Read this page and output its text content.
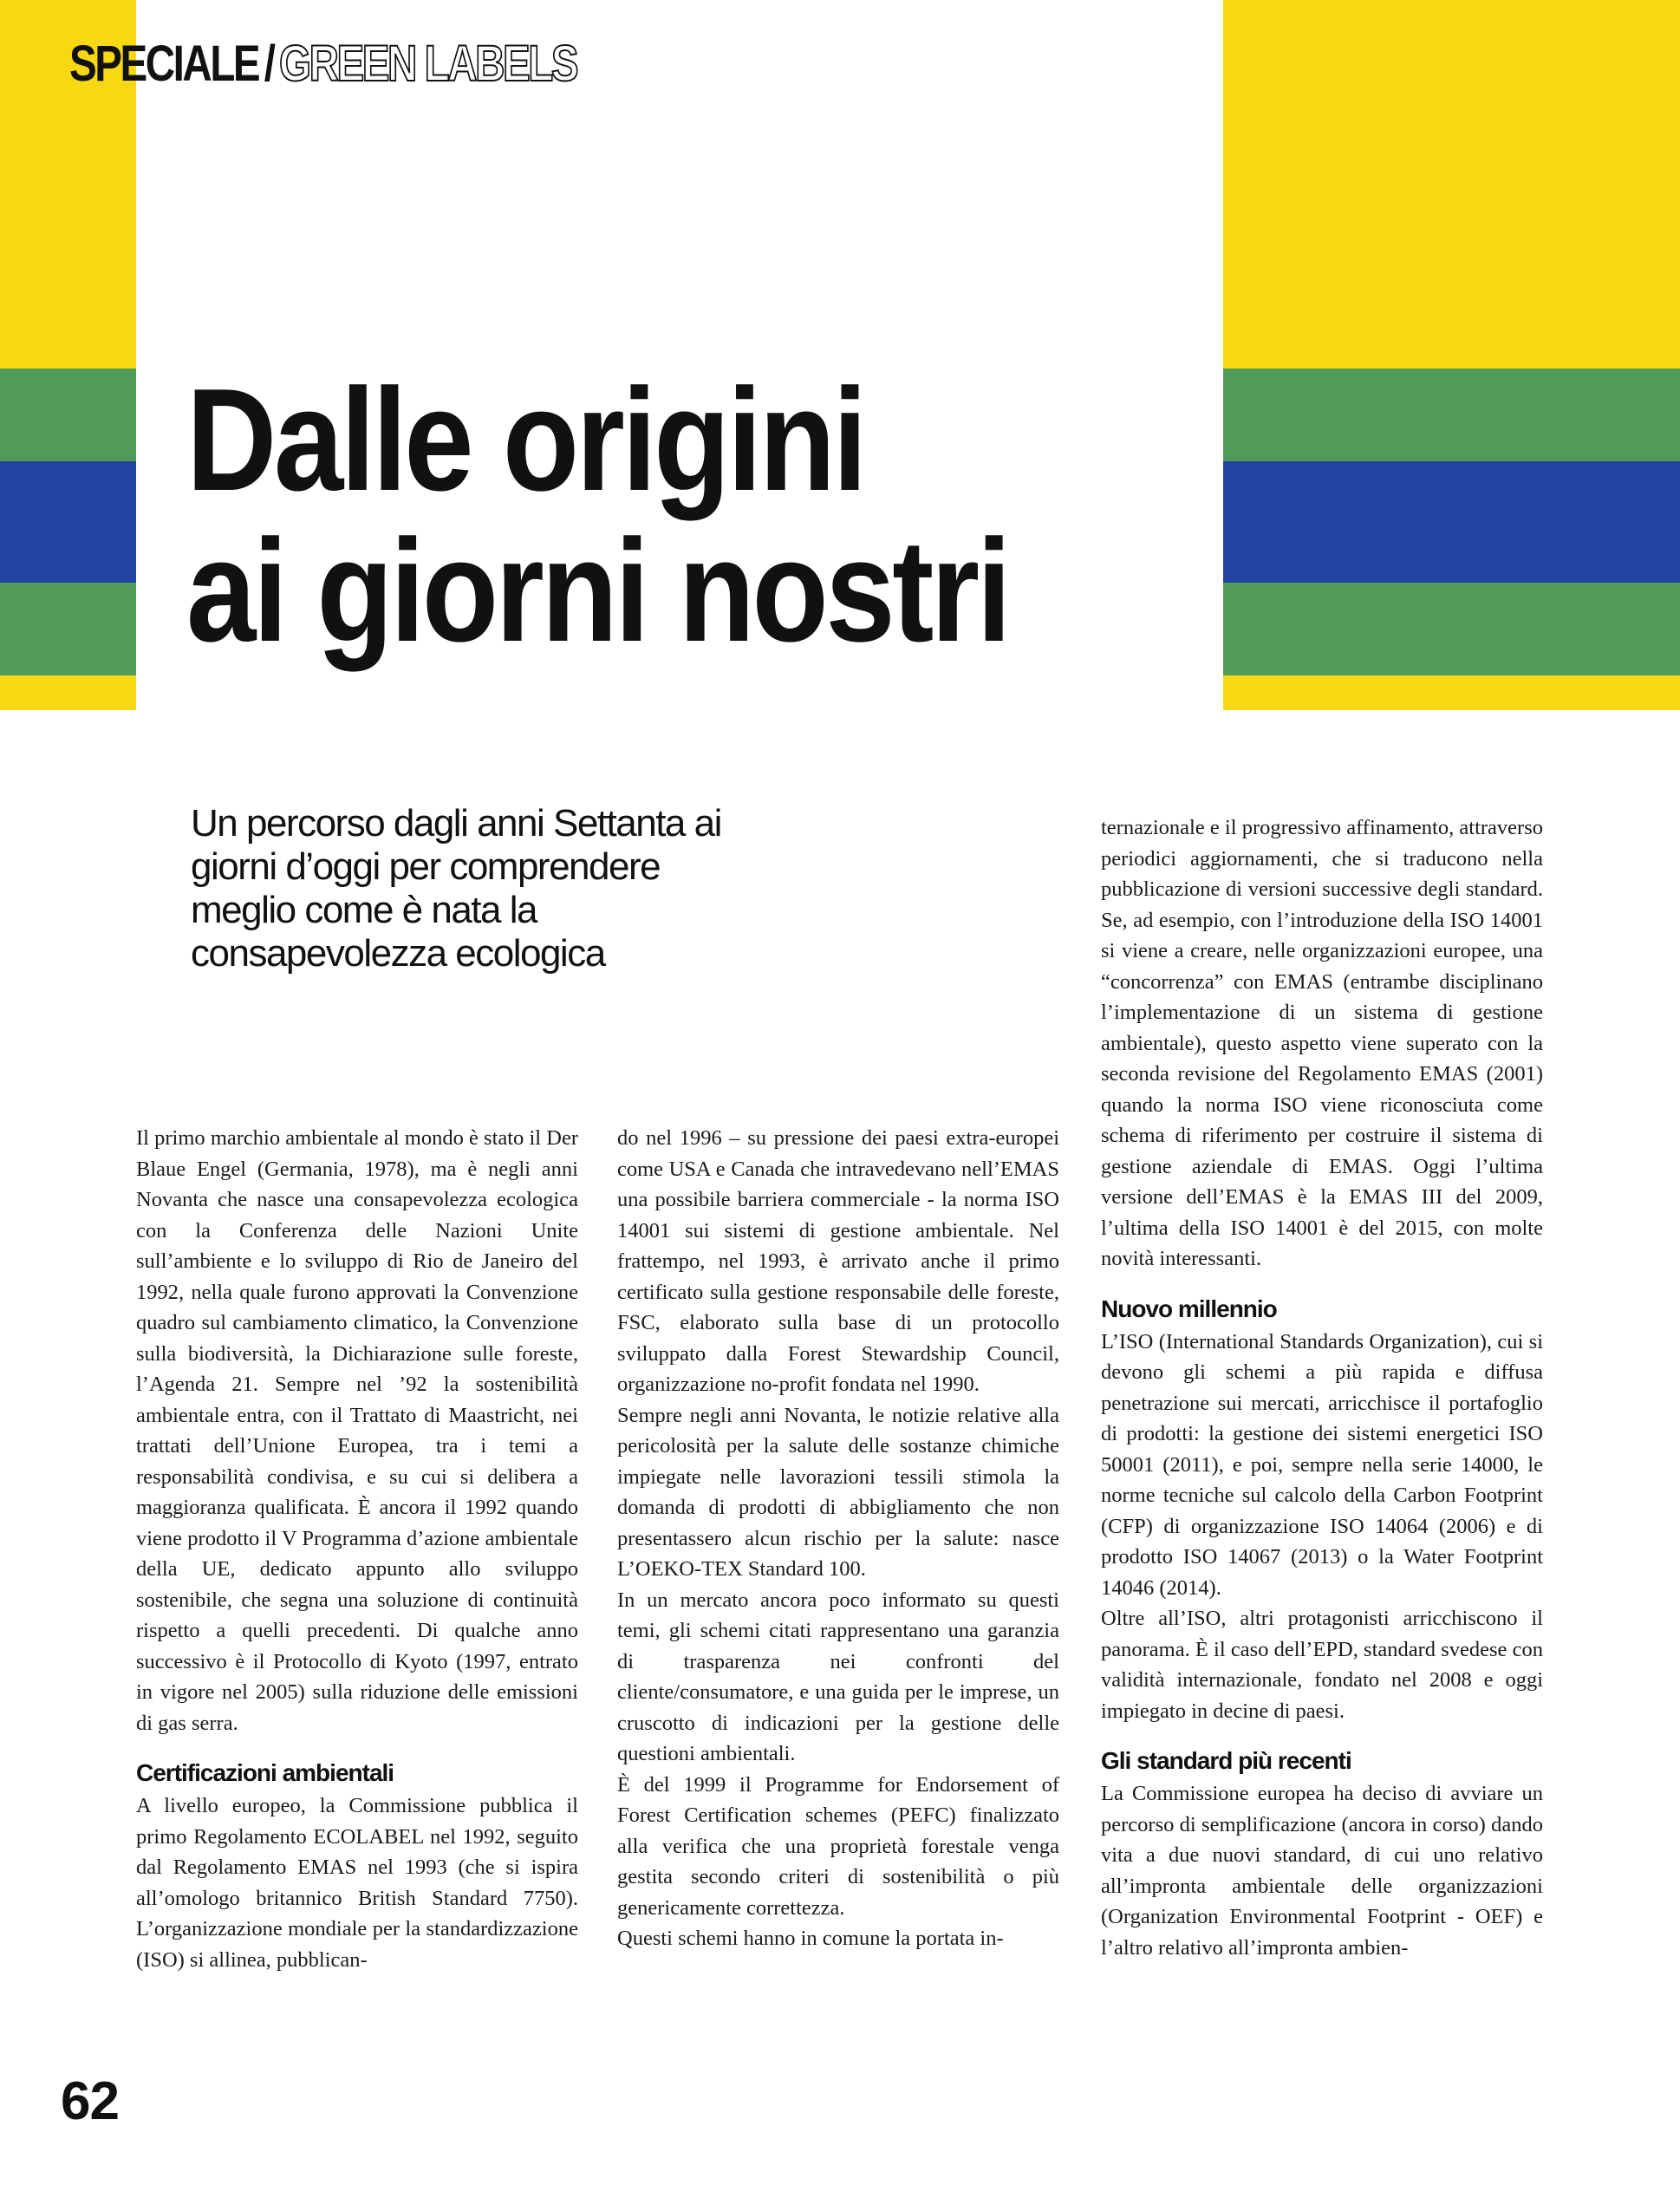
SPECIALE / GREEN LABELS
Dalle origini
ai giorni nostri
Un percorso dagli anni Settanta ai giorni d’oggi per comprendere meglio come è nata la consapevolezza ecologica

Il primo marchio ambientale al mondo è stato il Der Blaue Engel (Germania, 1978), ma è negli anni Novanta che nasce una consapevolezza ecologica con la Conferenza delle Nazioni Unite sull’ambiente e lo sviluppo di Rio de Janeiro del 1992, nella quale furono approvati la Convenzione quadro sul cambiamento climatico, la Convenzione sulla biodiversità, la Dichiarazione sulle foreste, l’Agenda 21. Sempre nel ’92 la sostenibilità ambientale entra, con il Trattato di Maastricht, nei trattati dell’Unione Europea, tra i temi a responsabilità condivisa, e su cui si delibera a maggioranza qualificata. È ancora il 1992 quando viene prodotto il V Programma d’azione ambientale della UE, dedicato appunto allo sviluppo sostenibile, che segna una soluzione di continuità rispetto a quelli precedenti. Di qualche anno successivo è il Protocollo di Kyoto (1997, entrato in vigore nel 2005) sulla riduzione delle emissioni di gas serra.

Certificazioni ambientali

A livello europeo, la Commissione pubblica il primo Regolamento ECOLABEL nel 1992, seguito dal Regolamento EMAS nel 1993 (che si ispira all’omologo britannico British Standard 7750). L’organizzazione mondiale per la standardizzazione (ISO) si allinea, pubblican-

do nel 1996 – su pressione dei paesi extra-europei come USA e Canada che intravedevano nell’EMAS una possibile barriera commerciale - la norma ISO 14001 sui sistemi di gestione ambientale. Nel frattempo, nel 1993, è arrivato anche il primo certificato sulla gestione responsabile delle foreste, FSC, elaborato sulla base di un protocollo sviluppato dalla Forest Stewardship Council, organizzazione no-profit fondata nel 1990.

Sempre negli anni Novanta, le notizie relative alla pericolosità per la salute delle sostanze chimiche impiegate nelle lavorazioni tessili stimola la domanda di prodotti di abbigliamento che non presentassero alcun rischio per la salute: nasce L’OEKO-TEX Standard 100.

In un mercato ancora poco informato su questi temi, gli schemi citati rappresentano una garanzia di trasparenza nei confronti del cliente/consumatore, e una guida per le imprese, un cruscotto di indicazioni per la gestione delle questioni ambientali.

È del 1999 il Programme for Endorsement of Forest Certification schemes (PEFC) finalizzato alla verifica che una proprietà forestale venga gestita secondo criteri di sostenibilità o più genericamente correttezza.

Questi schemi hanno in comune la portata in-

ternazionale e il progressivo affinamento, attraverso periodici aggiornamenti, che si traducono nella pubblicazione di versioni successive degli standard. Se, ad esempio, con l’introduzione della ISO 14001 si viene a creare, nelle organizzazioni europee, una “concorrenza” con EMAS (entrambe disciplinano l’implementazione di un sistema di gestione ambientale), questo aspetto viene superato con la seconda revisione del Regolamento EMAS (2001) quando la norma ISO viene riconosciuta come schema di riferimento per costruire il sistema di gestione aziendale di EMAS. Oggi l’ultima versione dell’EMAS è la EMAS III del 2009, l’ultima della ISO 14001 è del 2015, con molte novità interessanti.

Nuovo millennio

L’ISO (International Standards Organization), cui si devono gli schemi a più rapida e diffusa penetrazione sui mercati, arricchisce il portafoglio di prodotti: la gestione dei sistemi energetici ISO 50001 (2011), e poi, sempre nella serie 14000, le norme tecniche sul calcolo della Carbon Footprint (CFP) di organizzazione ISO 14064 (2006) e di prodotto ISO 14067 (2013) o la Water Footprint 14046 (2014).

Oltre all’ISO, altri protagonisti arricchiscono il panorama. È il caso dell’EPD, standard svedese con validità internazionale, fondato nel 2008 e oggi impiegato in decine di paesi.

Gli standard più recenti

La Commissione europea ha deciso di avviare un percorso di semplificazione (ancora in corso) dando vita a due nuovi standard, di cui uno relativo all’impronta ambientale delle organizzazioni (Organization Environmental Footprint - OEF) e l’altro relativo all’impronta ambien-

62
